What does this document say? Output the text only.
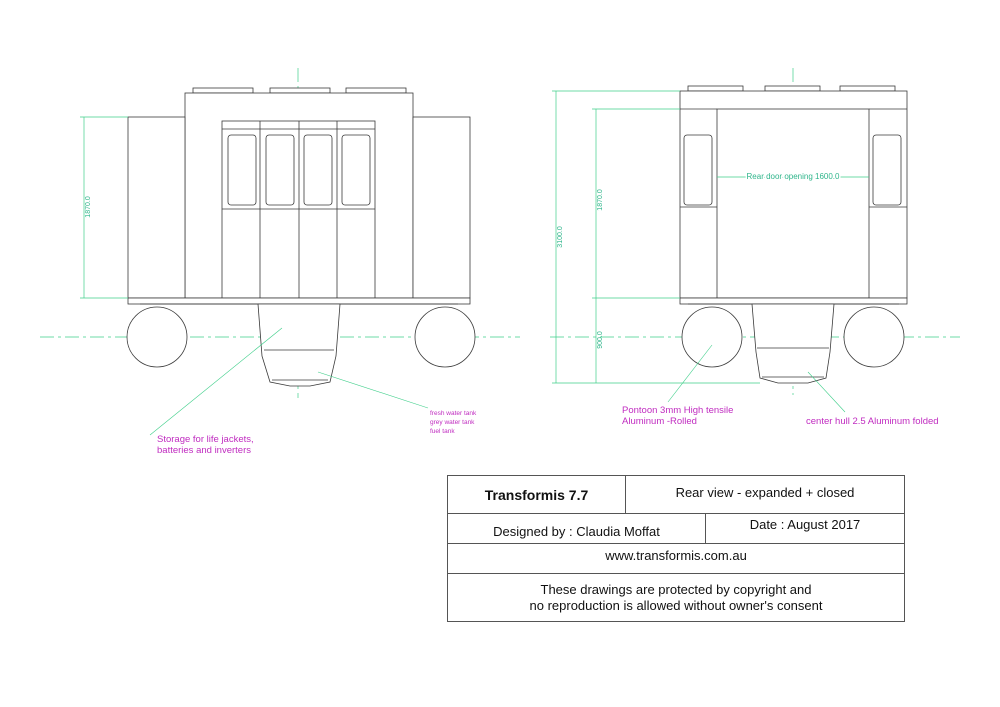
1870.0
Storage for life jackets,
batteries and inverters
fresh water tank
grey water tank
fuel tank
Rear door opening 1600.0
3100.0
1870.0
900.0
Pontoon 3mm High tensile
Aluminum -Rolled	center hull 2.5 Aluminum folded
Transformis 7.7	Rear view - expanded + closed
Designed by : Claudia Moffat	Date : August 2017
www.transformis.com.au
These drawings are protected by copyright and
no reproduction is allowed without owner's consent
